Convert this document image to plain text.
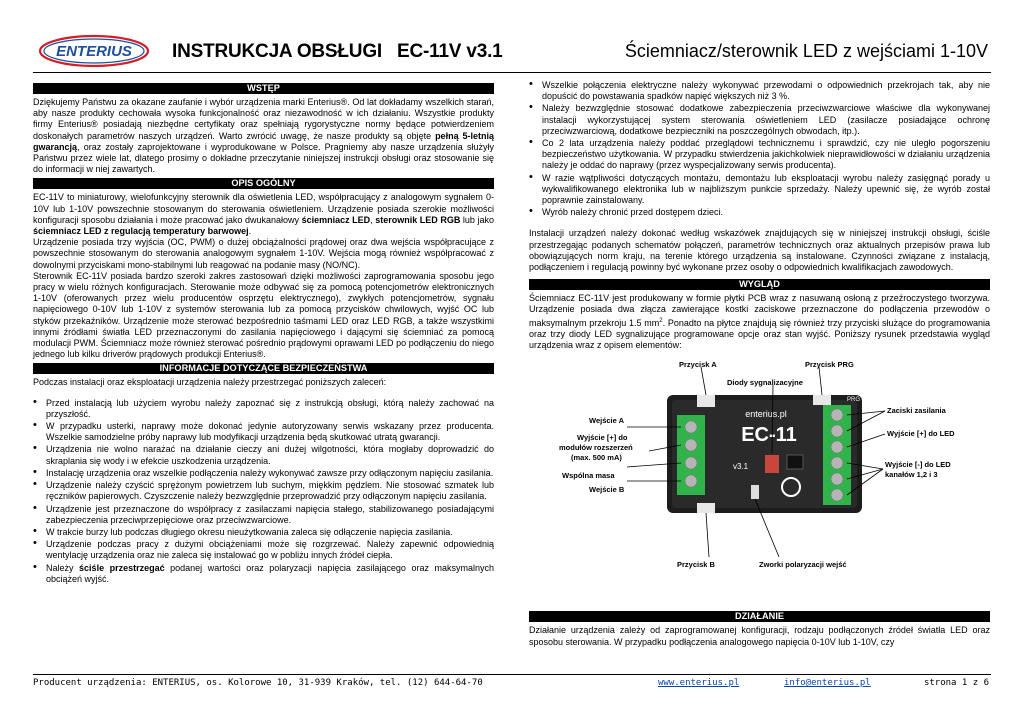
ENTERIUS INSTRUKCJA OBSŁUGI EC-11V v3.1	Ściemniacz/sterownik LED z wejściami 1-10V
WSTĘP

Dziękujemy Państwu za okazane zaufanie i wybór urządzenia marki Enterius®. Od lat dokładamy wszelkich starań, aby nasze produkty cechowała wysoka funkcjonalność oraz niezawodność w ich działaniu. Wszystkie produkty firmy Enterius® posiadają niezbędne certyfikaty oraz spełniają rygorystyczne normy będące potwierdzeniem doskonałych parametrów naszych urządzeń. Warto zwrócić uwagę, że nasze produkty są objęte pełną 5-letnią gwarancją, oraz zostały zaprojektowane i wyprodukowane w Polsce. Pragniemy aby nasze urządzenia służyły Państwu przez wiele lat, dlatego prosimy o dokładne przeczytanie niniejszej instrukcji obsługi oraz stosowanie się do informacji w niej zawartych.

OPIS OGÓLNY

EC-11V to miniaturowy, wielofunkcyjny sterownik dla oświetlenia LED, współpracujący z analogowym sygnałem 0-10V lub 1-10V powszechnie stosowanym do sterowania oświetleniem. Urządzenie posiada szerokie możliwości konfiguracji sposobu działania i może pracować jako dwukanałowy ściemniacz LED, sterownik LED RGB lub jako ściemniacz LED z regulacją temperatury barwowej.

Urządzenie posiada trzy wyjścia (OC, PWM) o dużej obciążalności prądowej oraz dwa wejścia współpracujące z powszechnie stosowanym do sterowania analogowym sygnałem 1-10V. Wejścia mogą również współpracować z dowolnymi przyciskami mono-stabilnymi lub reagować na podanie masy (NO/NC).

Sterownik EC-11V posiada bardzo szeroki zakres zastosowań dzięki możliwości zaprogramowania sposobu jego pracy w wielu różnych konfiguracjach. Sterowanie może odbywać się za pomocą potencjometrów elektronicznych 1-10V (oferowanych przez wielu producentów osprzętu elektrycznego), zwykłych potencjometrów, sygnału napięciowego 0-10V lub 1-10V z systemów sterowania lub za pomocą przycisków chwilowych, wyjść OC lub styków przekaźników. Urządzenie może sterować bezpośrednio taśmami LED oraz LED RGB, a także wszystkimi innymi źródłami światła LED przeznaczonymi do zasilania napięciowego i dającymi się ściemniać za pomocą modulacji PWM. Ściemniacz może również sterować pośrednio prądowymi oprawami LED po podłączeniu do niego jednego lub kilku driverów prądowych produkcji Enterius®.

INFORMACJE DOTYCZĄCE BEZPIECZEŃSTWA

Podczas instalacji oraz eksploatacji urządzenia należy przestrzegać poniższych zaleceń:

• Przed instalacją lub użyciem wyrobu należy zapoznać się z instrukcją obsługi, którą należy zachować na przyszłość.
• W przypadku usterki, naprawy może dokonać jedynie autoryzowany serwis wskazany przez producenta. Wszelkie samodzielne próby naprawy lub modyfikacji urządzenia będą skutkować utratą gwarancji.
• Urządzenia nie wolno narażać na działanie cieczy ani dużej wilgotności, która mogłaby doprowadzić do skraplania się wody i w efekcie uszkodzenia urządzenia.
• Instalację urządzenia oraz wszelkie podłączenia należy wykonywać zawsze przy odłączonym napięciu zasilania.
• Urządzenie należy czyścić sprężonym powietrzem lub suchym, miękkim pędzlem. Nie stosować szmatek lub ręczników papierowych. Czyszczenie należy bezwzględnie przeprowadzić przy odłączonym napięciu zasilania.
• Urządzenie jest przeznaczone do współpracy z zasilaczami napięcia stałego, stabilizowanego posiadającymi zabezpieczenia przeciwprzepięciowe oraz przeciwzwarciowe.
• W trakcie burzy lub podczas długiego okresu nieużytkowania zaleca się odłączenie napięcia zasilania.
• Urządzenie podczas pracy z dużymi obciążeniami może się rozgrzewać. Należy zapewnić odpowiednią wentylację urządzenia oraz nie zaleca się instalować go w pobliżu innych źródeł ciepła.
• Należy ściśle przestrzegać podanej wartości oraz polaryzacji napięcia zasilającego oraz maksymalnych obciążeń wyjść.
• Wszelkie połączenia elektryczne należy wykonywać przewodami o odpowiednich przekrojach tak, aby nie dopuścić do powstawania spadków napięć większych niż 3 %.
• Należy bezwzględnie stosować dodatkowe zabezpieczenia przeciwzwarciowe właściwe dla wykonywanej instalacji wykorzystującej system sterowania oświetleniem LED (zasilacze posiadające ochronę przeciwzwarciową, dodatkowe bezpieczniki na poszczególnych obwodach, itp.).
• Co 2 lata urządzenia należy poddać przeglądowi technicznemu i sprawdzić, czy nie uległo pogorszeniu bezpieczeństwo użytkowania. W przypadku stwierdzenia jakichkolwiek nieprawidłowości w działaniu urządzenia należy je oddać do naprawy (przez wyspecjalizowany serwis producenta).
• W razie wątpliwości dotyczących montażu, demontażu lub eksploatacji wyrobu należy zasięgnąć porady u wykwalifikowanego elektronika lub w najbliższym punkcie sprzedaży. Należy upewnić się, że wyrób został poprawnie zainstalowany.
• Wyrób należy chronić przed dostępem dzieci.

Instalacji urządzeń należy dokonać według wskazówek znajdujących się w niniejszej instrukcji obsługi, ściśle przestrzegając podanych schematów połączeń, parametrów technicznych oraz aktualnych przepisów prawa lub obowiązujących norm kraju, na terenie którego urządzenia są instalowane. Czynności związane z instalacją, podłączeniem i regulacją powinny być wykonane przez osoby o odpowiednich kwalifikacjach zawodowych.

WYGLĄD

Ściemniacz EC-11V jest produkowany w formie płytki PCB wraz z nasuwaną osłoną z przeźroczystego tworzywa. Urządzenie posiada dwa złącza zawierające kostki zaciskowe przeznaczone do podłączenia przewodów o maksymalnym przekroju 1.5 $mm^2$. Ponadto na płytce znajdują się również trzy przyciski służące do programowania oraz trzy diody LED sygnalizujące programowane opcje oraz stan wyjść. Poniższy rysunek przedstawia wygląd urządzenia wraz z opisem elementów:

enterius.pl
EC-11
v3.1
PRG
Przycisk A	Przycisk PRG
Diody sygnalizacyjne
Wejście A
Wyjście [+] do
modułów rozszerzeń
(max. 500 mA)
Wspólna masa
Wejście B
Przycisk B	Zworki polaryzacji wejść
Zaciski zasilania
Wyjście [+] do LED
Wyjście [-] do LED
kanałów 1,2 i 3
DZIAŁANIE

Działanie urządzenia zależy od zaprogramowanej konfiguracji, rodzaju podłączonych źródeł światła LED oraz sposobu sterowania. W przypadku podłączenia analogowego napięcia 0-10V lub 1-10V, czy

Producent urządzenia: ENTERIUS, os. Kolorowe 10, 31-939 Kraków, tel. (12) 644-64-70	www.enterius.pl	info@enterius.pl	strona 1 z 6
